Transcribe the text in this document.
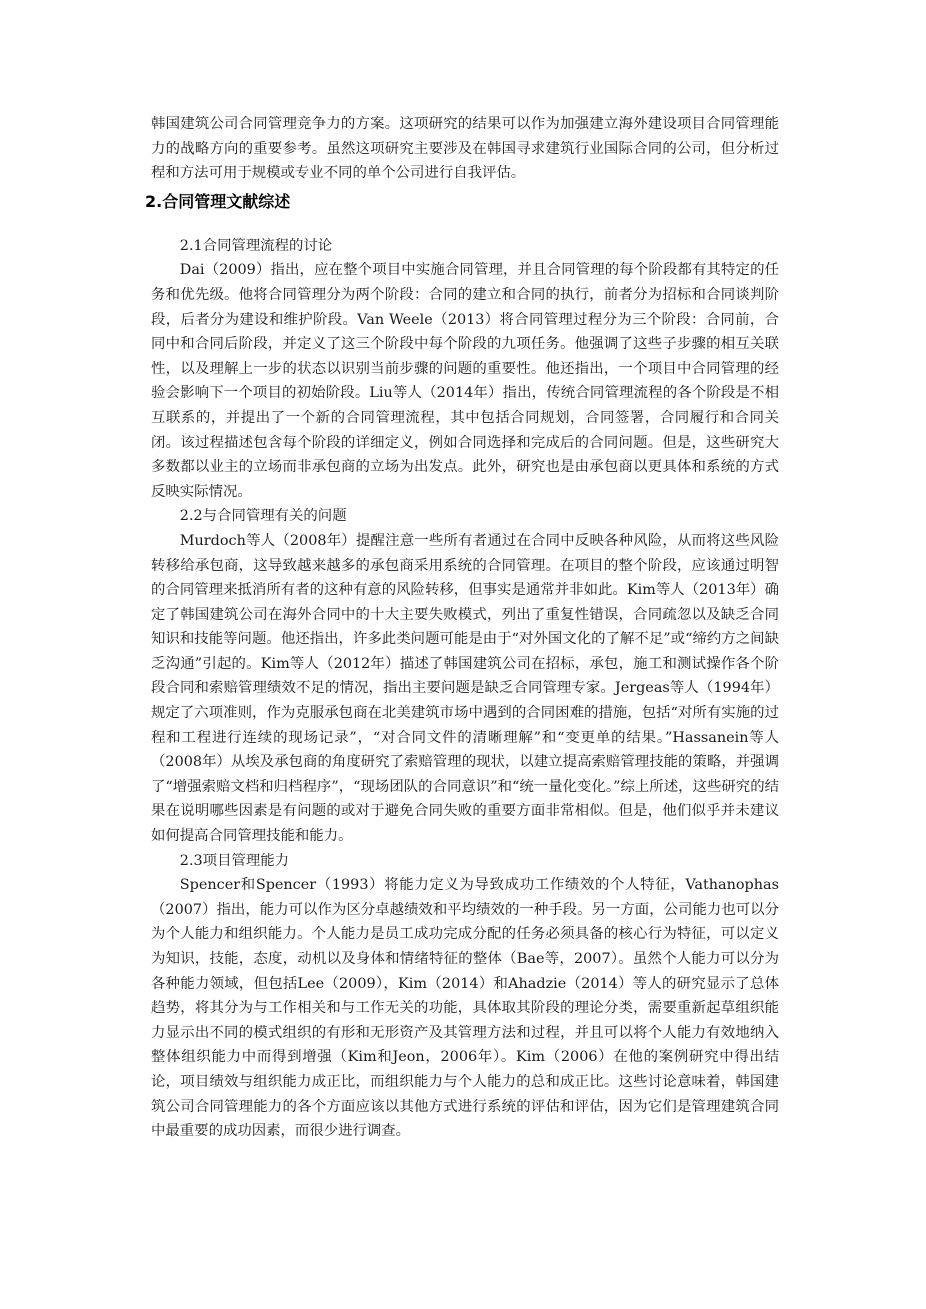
韩国建筑公司合同管理竞争力的方案。这项研究的结果可以作为加强建立海外建设项目合同管理能力的战略方向的重要参考。虽然这项研究主要涉及在韩国寻求建筑行业国际合同的公司，但分析过程和方法可用于规模或专业不同的单个公司进行自我评估。

2.合同管理文献综述

2.1合同管理流程的讨论

Dai（2009）指出，应在整个项目中实施合同管理，并且合同管理的每个阶段都有其特定的任务和优先级。他将合同管理分为两个阶段：合同的建立和合同的执行，前者分为招标和合同谈判阶段，后者分为建设和维护阶段。Van Weele（2013）将合同管理过程分为三个阶段：合同前，合同中和合同后阶段，并定义了这三个阶段中每个阶段的九项任务。他强调了这些子步骤的相互关联性，以及理解上一步的状态以识别当前步骤的问题的重要性。他还指出，一个项目中合同管理的经验会影响下一个项目的初始阶段。Liu等人（2014年）指出，传统合同管理流程的各个阶段是不相互联系的，并提出了一个新的合同管理流程，其中包括合同规划，合同签署，合同履行和合同关闭。该过程描述包含每个阶段的详细定义，例如合同选择和完成后的合同问题。但是，这些研究大多数都以业主的立场而非承包商的立场为出发点。此外，研究也是由承包商以更具体和系统的方式反映实际情况。

2.2与合同管理有关的问题

Murdoch等人（2008年）提醒注意一些所有者通过在合同中反映各种风险，从而将这些风险转移给承包商，这导致越来越多的承包商采用系统的合同管理。在项目的整个阶段，应该通过明智的合同管理来抵消所有者的这种有意的风险转移，但事实是通常并非如此。Kim等人（2013年）确定了韩国建筑公司在海外合同中的十大主要失败模式，列出了重复性错误，合同疏忽以及缺乏合同知识和技能等问题。他还指出，许多此类问题可能是由于“对外国文化的了解不足”或“缔约方之间缺乏沟通”引起的。Kim等人（2012年）描述了韩国建筑公司在招标，承包，施工和测试操作各个阶段合同和索赔管理绩效不足的情况，指出主要问题是缺乏合同管理专家。Jergeas等人（1994年）规定了六项准则，作为克服承包商在北美建筑市场中遇到的合同困难的措施，包括“对所有实施的过程和工程进行连续的现场记录”，“对合同文件的清晰理解”和“变更单的结果。”Hassanein等人（2008年）从埃及承包商的角度研究了索赔管理的现状，以建立提高索赔管理技能的策略，并强调了“增强索赔文档和归档程序”，“现场团队的合同意识”和“统一量化变化。”综上所述，这些研究的结果在说明哪些因素是有问题的或对于避免合同失败的重要方面非常相似。但是，他们似乎并未建议如何提高合同管理技能和能力。

2.3项目管理能力

Spencer和Spencer（1993）将能力定义为导致成功工作绩效的个人特征，Vathanophas（2007）指出，能力可以作为区分卓越绩效和平均绩效的一种手段。另一方面，公司能力也可以分为个人能力和组织能力。个人能力是员工成功完成分配的任务必须具备的核心行为特征，可以定义为知识，技能，态度，动机以及身体和情绪特征的整体（Bae等，2007）。虽然个人能力可以分为各种能力领域，但包括Lee（2009），Kim（2014）和Ahadzie（2014）等人的研究显示了总体趋势，将其分为与工作相关和与工作无关的功能，具体取其阶段的理论分类，需要重新起草组织能力显示出不同的模式组织的有形和无形资产及其管理方法和过程，并且可以将个人能力有效地纳入整体组织能力中而得到增强（Kim和Jeon，2006年）。Kim（2006）在他的案例研究中得出结论，项目绩效与组织能力成正比，而组织能力与个人能力的总和成正比。这些讨论意味着，韩国建筑公司合同管理能力的各个方面应该以其他方式进行系统的评估和评估，因为它们是管理建筑合同中最重要的成功因素，而很少进行调查。
